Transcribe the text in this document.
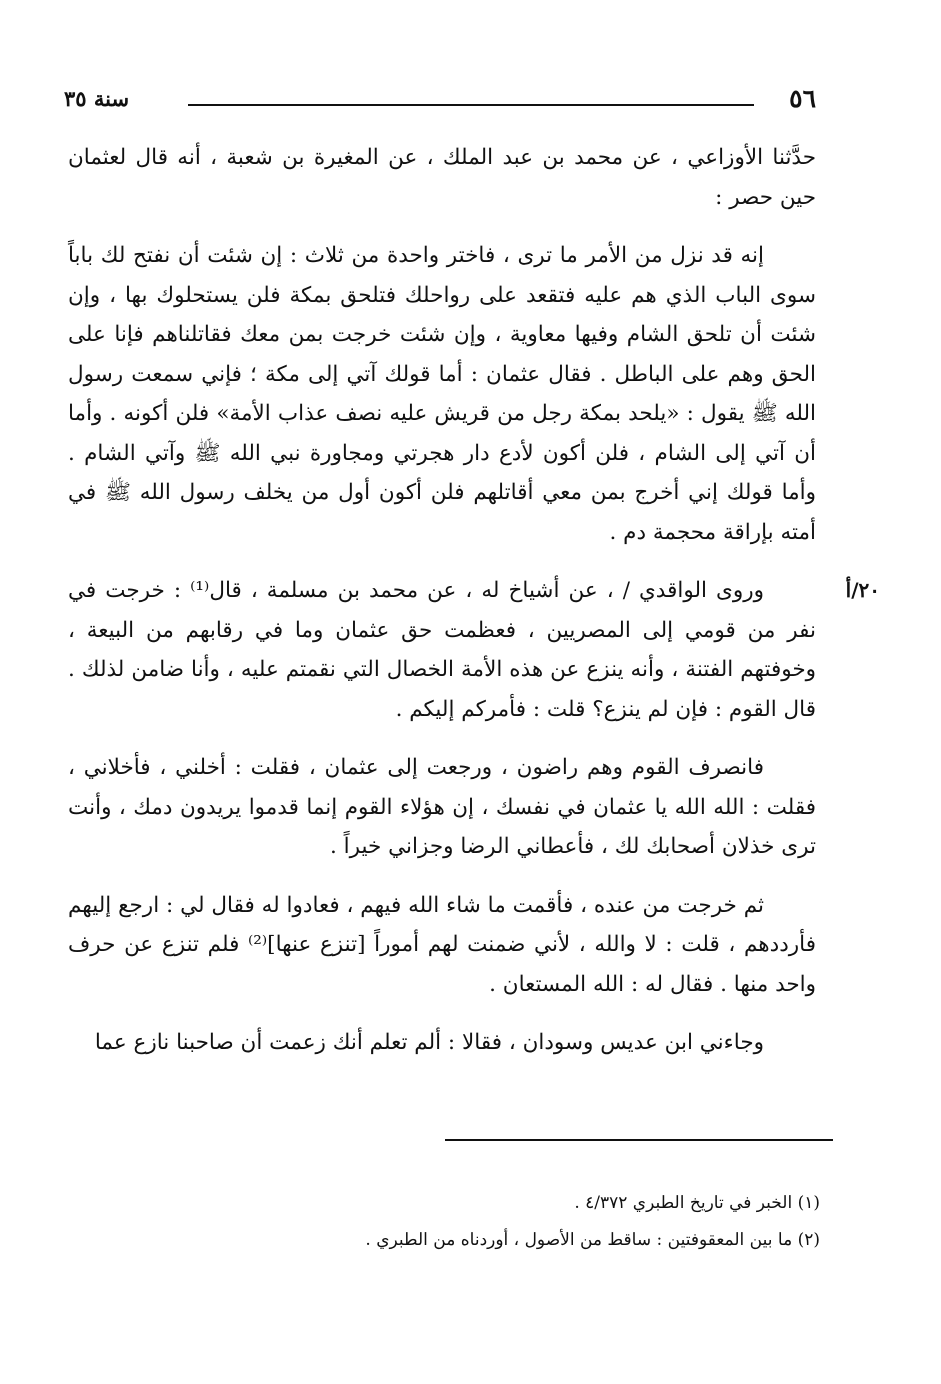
٥٦
سنة ٣٥

حدَّثنا الأوزاعي ، عن محمد بن عبد الملك ، عن المغيرة بن شعبة ، أنه قال لعثمان حين حصر :

إنه قد نزل من الأمر ما ترى ، فاختر واحدة من ثلاث : إن شئت أن نفتح لك باباً سوى الباب الذي هم عليه فتقعد على رواحلك فتلحق بمكة فلن يستحلوك بها ، وإن شئت أن تلحق الشام وفيها معاوية ، وإن شئت خرجت بمن معك فقاتلناهم فإنا على الحق وهم على الباطل . فقال عثمان : أما قولك آتي إلى مكة ؛ فإني سمعت رسول الله ﷺ يقول : «يلحد بمكة رجل من قريش عليه نصف عذاب الأمة» فلن أكونه . وأما أن آتي إلى الشام ، فلن أكون لأدع دار هجرتي ومجاورة نبي الله ﷺ وآتي الشام . وأما قولك إني أخرج بمن معي أقاتلهم فلن أكون أول من يخلف رسول الله ﷺ في أمته بإراقة محجمة دم .

٢٠/أ
وروى الواقدي / ، عن أشياخ له ، عن محمد بن مسلمة ، قال⁽¹⁾ : خرجت في نفر من قومي إلى المصريين ، فعظمت حق عثمان وما في رقابهم من البيعة ، وخوفتهم الفتنة ، وأنه ينزع عن هذه الأمة الخصال التي نقمتم عليه ، وأنا ضامن لذلك . قال القوم : فإن لم ينزع؟ قلت : فأمركم إليكم .

فانصرف القوم وهم راضون ، ورجعت إلى عثمان ، فقلت : أخلني ، فأخلاني ، فقلت : الله الله يا عثمان في نفسك ، إن هؤلاء القوم إنما قدموا يريدون دمك ، وأنت ترى خذلان أصحابك لك ، فأعطاني الرضا وجزاني خيراً .

ثم خرجت من عنده ، فأقمت ما شاء الله فيهم ، فعادوا له فقال لي : ارجع إليهم فأرددهم ، قلت : لا والله ، لأني ضمنت لهم أموراً [تنزع عنها]⁽²⁾ فلم تنزع عن حرف واحد منها . فقال له : الله المستعان .

وجاءني ابن عديس وسودان ، فقالا : ألم تعلم أنك زعمت أن صاحبنا نازع عما

(١) الخبر في تاريخ الطبري ٤/٣٧٢ .

(٢) ما بين المعقوفتين : ساقط من الأصول ، أوردناه من الطبري .
